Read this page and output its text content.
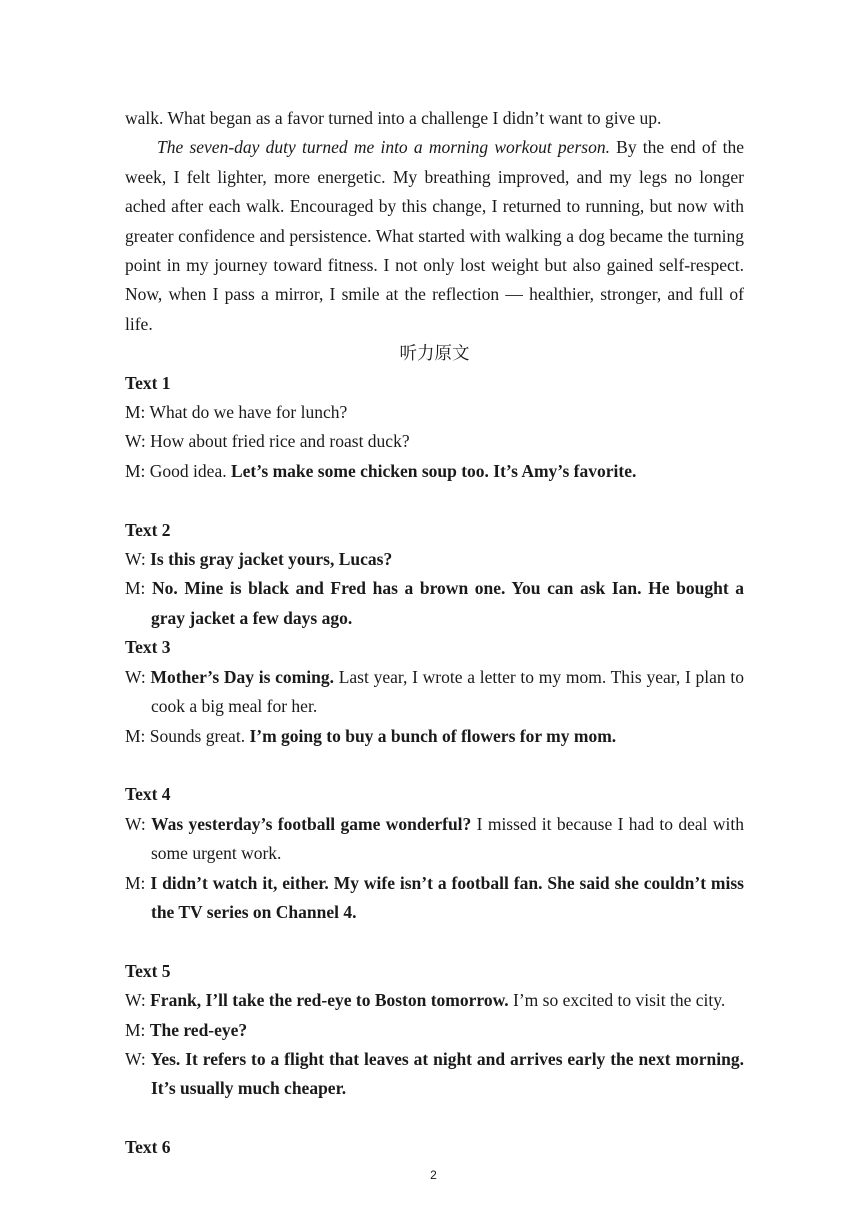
walk. What began as a favor turned into a challenge I didn’t want to give up.
The seven-day duty turned me into a morning workout person. By the end of the week, I felt lighter, more energetic. My breathing improved, and my legs no longer ached after each walk. Encouraged by this change, I returned to running, but now with greater confidence and persistence. What started with walking a dog became the turning point in my journey toward fitness. I not only lost weight but also gained self-respect. Now, when I pass a mirror, I smile at the reflection — healthier, stronger, and full of life.
听力原文
Text 1
M: What do we have for lunch?
W: How about fried rice and roast duck?
M: Good idea. Let’s make some chicken soup too. It’s Amy’s favorite.
Text 2
W: Is this gray jacket yours, Lucas?
M: No. Mine is black and Fred has a brown one. You can ask Ian. He bought a gray jacket a few days ago.
Text 3
W: Mother’s Day is coming. Last year, I wrote a letter to my mom. This year, I plan to cook a big meal for her.
M: Sounds great. I’m going to buy a bunch of flowers for my mom.
Text 4
W: Was yesterday’s football game wonderful? I missed it because I had to deal with some urgent work.
M: I didn’t watch it, either. My wife isn’t a football fan. She said she couldn’t miss the TV series on Channel 4.
Text 5
W: Frank, I’ll take the red-eye to Boston tomorrow. I’m so excited to visit the city.
M: The red-eye?
W: Yes. It refers to a flight that leaves at night and arrives early the next morning. It’s usually much cheaper.
Text 6
2
